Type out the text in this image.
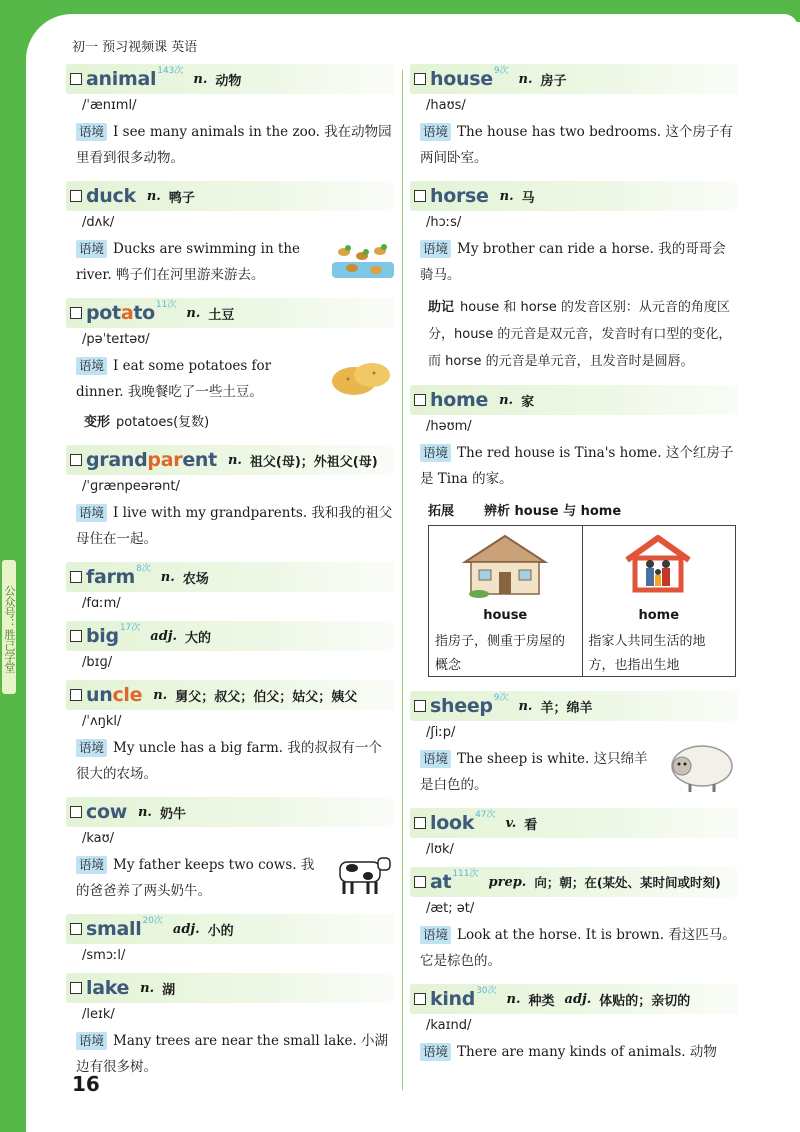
公众号：胜己学堂
初一 预习视频课 英语
animal 143次
n. 动物
/ˈænɪml/
语境 I see many animals in the zoo. 我在动物园里看到很多动物。
duck n. 鸭子
/dʌk/
语境 Ducks are swimming in the river. 鸭子们在河里游来游去。
potato 11次
n. 土豆
/pəˈteɪtəʊ/
语境 I eat some potatoes for dinner. 我晚餐吃了一些土豆。
变形 potatoes(复数)
grandparent n. 祖父(母)；外祖父(母)
/ˈɡrænpeərənt/
语境 I live with my grandparents. 我和我的祖父母住在一起。
farm 8次
n. 农场
/fɑːm/
big 17次
adj. 大的
/bɪɡ/
uncle n. 舅父；叔父；伯父；姑父；姨父
/ˈʌŋkl/
语境 My uncle has a big farm. 我的叔叔有一个很大的农场。
cow n. 奶牛
/kaʊ/
语境 My father keeps two cows. 我的爸爸养了两头奶牛。
small 20次
adj. 小的
/smɔːl/
lake n. 湖
/leɪk/
语境 Many trees are near the small lake. 小湖边有很多树。
house 9次
n. 房子
/haʊs/
语境 The house has two bedrooms. 这个房子有两间卧室。
horse n. 马
/hɔːs/
语境 My brother can ride a horse. 我的哥哥会骑马。
助记 house 和 horse 的发音区别：从元音的角度区分，house 的元音是双元音，发音时有口型的变化，而 horse 的元音是单元音，且发音时是圆唇。
home n. 家
/həʊm/
语境 The red house is Tina's home. 这个红房子是 Tina 的家。
拓展 辨析 house 与 home
house
指房子，侧重于房屋的概念
home
指家人共同生活的地方，也指出生地
sheep 9次
n. 羊；绵羊
/ʃiːp/
语境 The sheep is white. 这只绵羊是白色的。
look 47次
v. 看
/lʊk/
at 111次
prep. 向；朝；在(某处、某时间或时刻)
/æt; ət/
语境 Look at the horse. It is brown. 看这匹马。它是棕色的。
kind 30次
n. 种类 adj. 体贴的；亲切的
/kaɪnd/
语境 There are many kinds of animals. 动物
16
